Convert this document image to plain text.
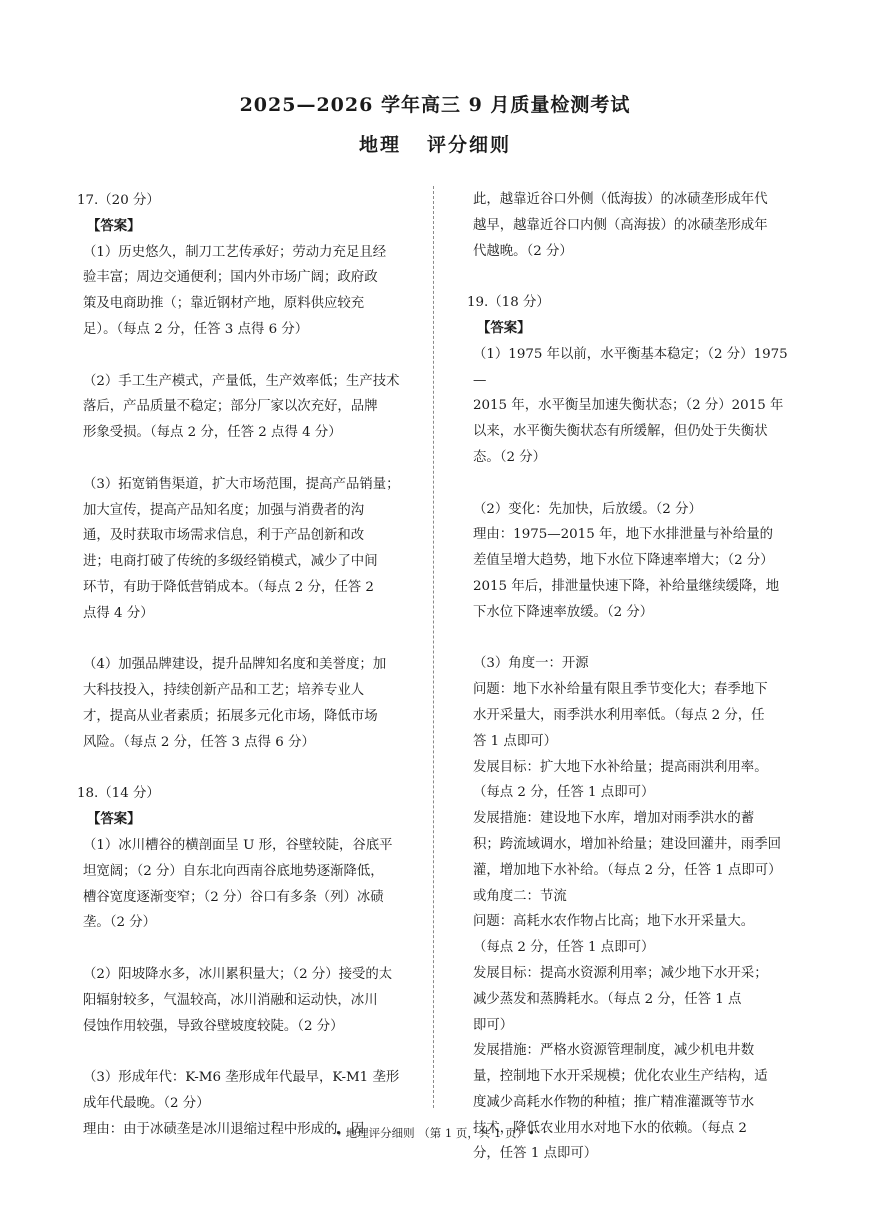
2025—2026 学年高三 9 月质量检测考试
地理 评分细则
17.（20 分）
【答案】
（1）历史悠久，制刀工艺传承好；劳动力充足且经
验丰富；周边交通便利；国内外市场广阔；政府政
策及电商助推（；靠近钢材产地，原料供应较充
足）。（每点 2 分，任答 3 点得 6 分）
（2）手工生产模式，产量低，生产效率低；生产技术
落后，产品质量不稳定；部分厂家以次充好，品牌
形象受损。（每点 2 分，任答 2 点得 4 分）
（3）拓宽销售渠道，扩大市场范围，提高产品销量；
加大宣传，提高产品知名度；加强与消费者的沟
通，及时获取市场需求信息，利于产品创新和改
进；电商打破了传统的多级经销模式，减少了中间
环节，有助于降低营销成本。（每点 2 分，任答 2
点得 4 分）
（4）加强品牌建设，提升品牌知名度和美誉度；加
大科技投入，持续创新产品和工艺；培养专业人
才，提高从业者素质；拓展多元化市场，降低市场
风险。（每点 2 分，任答 3 点得 6 分）
18.（14 分）
【答案】
（1）冰川槽谷的横剖面呈 U 形，谷壁较陡，谷底平
坦宽阔；（2 分）自东北向西南谷底地势逐渐降低，
槽谷宽度逐渐变窄；（2 分）谷口有多条（列）冰碛
垄。（2 分）
（2）阳坡降水多，冰川累积量大；（2 分）接受的太
阳辐射较多，气温较高，冰川消融和运动快，冰川
侵蚀作用较强，导致谷壁坡度较陡。（2 分）
（3）形成年代：K-M6 垄形成年代最早，K-M1 垄形
成年代最晚。（2 分）
理由：由于冰碛垄是冰川退缩过程中形成的，因
此，越靠近谷口外侧（低海拔）的冰碛垄形成年代
越早，越靠近谷口内侧（高海拔）的冰碛垄形成年
代越晚。（2 分）
19.（18 分）
【答案】
（1）1975 年以前，水平衡基本稳定；（2 分）1975—
2015 年，水平衡呈加速失衡状态；（2 分）2015 年
以来，水平衡失衡状态有所缓解，但仍处于失衡状
态。（2 分）
（2）变化：先加快，后放缓。（2 分）
理由：1975—2015 年，地下水排泄量与补给量的
差值呈增大趋势，地下水位下降速率增大；（2 分）
2015 年后，排泄量快速下降，补给量继续缓降，地
下水位下降速率放缓。（2 分）
（3）角度一：开源
问题：地下水补给量有限且季节变化大；春季地下
水开采量大，雨季洪水利用率低。（每点 2 分，任
答 1 点即可）
发展目标：扩大地下水补给量；提高雨洪利用率。
（每点 2 分，任答 1 点即可）
发展措施：建设地下水库，增加对雨季洪水的蓄
积；跨流域调水，增加补给量；建设回灌井，雨季回
灌，增加地下水补给。（每点 2 分，任答 1 点即可）
或角度二：节流
问题：高耗水农作物占比高；地下水开采量大。
（每点 2 分，任答 1 点即可）
发展目标：提高水资源利用率；减少地下水开采；
减少蒸发和蒸腾耗水。（每点 2 分，任答 1 点
即可）
发展措施：严格水资源管理制度，减少机电井数
量，控制地下水开采规模；优化农业生产结构，适
度减少高耗水作物的种植；推广精准灌溉等节水
技术，降低农业用水对地下水的依赖。（每点 2
分，任答 1 点即可）
• 地理评分细则 （第 1 页，共 1 页）•
